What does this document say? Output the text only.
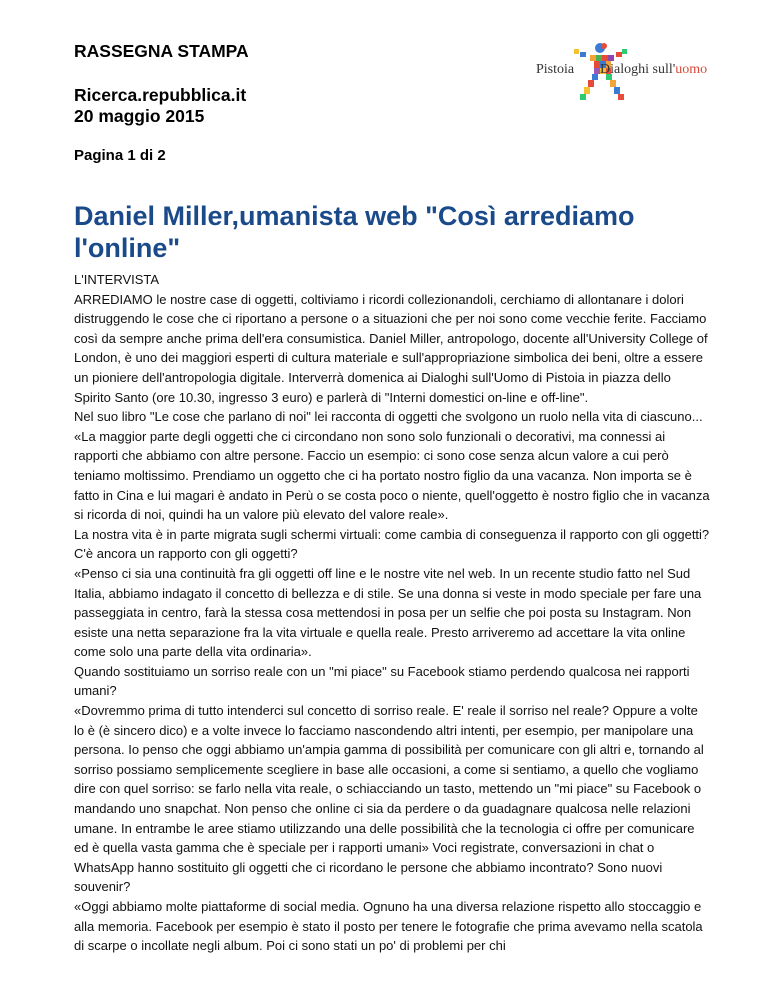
RASSEGNA STAMPA

Ricerca.repubblica.it

20 maggio 2015

Pagina 1 di 2
Pistoia Dialoghi sull'uomo
Daniel Miller,umanista web "Così arrediamo l'online"

L'INTERVISTA

ARREDIAMO le nostre case di oggetti, coltiviamo i ricordi collezionandoli, cerchiamo di allontanare i dolori distruggendo le cose che ci riportano a persone o a situazioni che per noi sono come vecchie ferite. Facciamo così da sempre anche prima dell'era consumistica. Daniel Miller, antropologo, docente all'University College of London, è uno dei maggiori esperti di cultura materiale e sull'appropriazione simbolica dei beni, oltre a essere un pioniere dell'antropologia digitale. Interverrà domenica ai Dialoghi sull'Uomo di Pistoia in piazza dello Spirito Santo (ore 10.30, ingresso 3 euro) e parlerà di "Interni domestici on-line e off-line".

Nel suo libro "Le cose che parlano di noi" lei racconta di oggetti che svolgono un ruolo nella vita di ciascuno...

«La maggior parte degli oggetti che ci circondano non sono solo funzionali o decorativi, ma connessi ai rapporti che abbiamo con altre persone. Faccio un esempio: ci sono cose senza alcun valore a cui però teniamo moltissimo. Prendiamo un oggetto che ci ha portato nostro figlio da una vacanza. Non importa se è fatto in Cina e lui magari è andato in Perù o se costa poco o niente, quell'oggetto è nostro figlio che in vacanza si ricorda di noi, quindi ha un valore più elevato del valore reale».

La nostra vita è in parte migrata sugli schermi virtuali: come cambia di conseguenza il rapporto con gli oggetti? C'è ancora un rapporto con gli oggetti?

«Penso ci sia una continuità fra gli oggetti off line e le nostre vite nel web. In un recente studio fatto nel Sud Italia, abbiamo indagato il concetto di bellezza e di stile. Se una donna si veste in modo speciale per fare una passeggiata in centro, farà la stessa cosa mettendosi in posa per un selfie che poi posta su Instagram. Non esiste una netta separazione fra la vita virtuale e quella reale. Presto arriveremo ad accettare la vita online come solo una parte della vita ordinaria».

Quando sostituiamo un sorriso reale con un "mi piace" su Facebook stiamo perdendo qualcosa nei rapporti umani?

«Dovremmo prima di tutto intenderci sul concetto di sorriso reale. E' reale il sorriso nel reale? Oppure a volte lo è (è sincero dico) e a volte invece lo facciamo nascondendo altri intenti, per esempio, per manipolare una persona. Io penso che oggi abbiamo un'ampia gamma di possibilità per comunicare con gli altri e, tornando al sorriso possiamo semplicemente scegliere in base alle occasioni, a come si sentiamo, a quello che vogliamo dire con quel sorriso: se farlo nella vita reale, o schiacciando un tasto, mettendo un "mi piace" su Facebook o mandando uno snapchat. Non penso che online ci sia da perdere o da guadagnare qualcosa nelle relazioni umane. In entrambe le aree stiamo utilizzando una delle possibilità che la tecnologia ci offre per comunicare ed è quella vasta gamma che è speciale per i rapporti umani» Voci registrate, conversazioni in chat o WhatsApp hanno sostituito gli oggetti che ci ricordano le persone che abbiamo incontrato? Sono nuovi souvenir?

«Oggi abbiamo molte piattaforme di social media. Ognuno ha una diversa relazione rispetto allo stoccaggio e alla memoria. Facebook per esempio è stato il posto per tenere le fotografie che prima avevamo nella scatola di scarpe o incollate negli album. Poi ci sono stati un po' di problemi per chi
